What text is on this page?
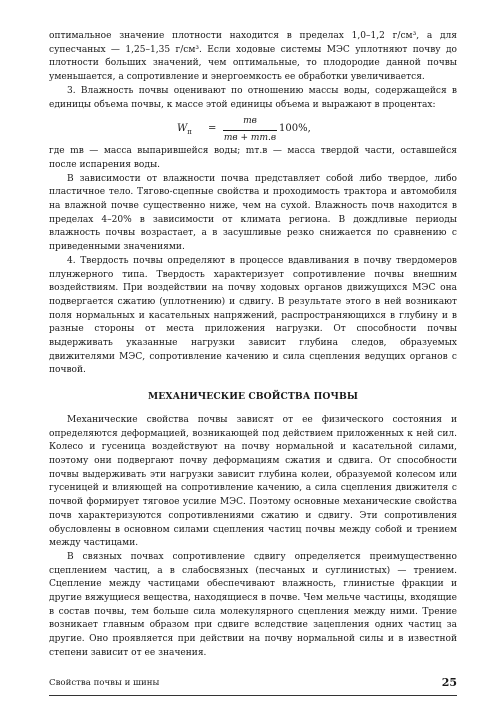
оптимальное значение плотности находится в пределах 1,0–1,2 г/см³, а для супесчаных — 1,25–1,35 г/см³. Если ходовые системы МЭС уплотняют почву до плотности больших значений, чем оптимальные, то плодородие данной почвы уменьшается, а сопротивление и энергоемкость ее обработки увеличивается.

3. Влажность почвы оценивают по отношению массы воды, содержащейся в единицы объема почвы, к массе этой единицы объема и выражают в процентах:

$W_п$ =
mв
mв + mт.в
100%,

где mв — масса выпарившейся воды; mт.в — масса твердой части, оставшейся после испарения воды.

В зависимости от влажности почва представляет собой либо твердое, либо пластичное тело. Тягово-сцепные свойства и проходимость трактора и автомобиля на влажной почве существенно ниже, чем на сухой. Влажность почв находится в пределах 4–20% в зависимости от климата региона. В дождливые периоды влажность почвы возрастает, а в засушливые резко снижается по сравнению с приведенными значениями.

4. Твердость почвы определяют в процессе вдавливания в почву твердомеров плунжерного типа. Твердость характеризует сопротивление почвы внешним воздействиям. При воздействии на почву ходовых органов движущихся МЭС она подвергается сжатию (уплотнению) и сдвигу. В результате этого в ней возникают поля нормальных и касательных напряжений, распространяющихся в глубину и в разные стороны от места приложения нагрузки. От способности почвы выдерживать указанные нагрузки зависит глубина следов, образуемых движителями МЭС, сопротивление качению и сила сцепления ведущих органов с почвой.

МЕХАНИЧЕСКИЕ СВОЙСТВА ПОЧВЫ

Механические свойства почвы зависят от ее физического состояния и определяются деформацией, возникающей под действием приложенных к ней сил. Колесо и гусеница воздействуют на почву нормальной и касательной силами, поэтому они подвергают почву деформациям сжатия и сдвига. От способности почвы выдерживать эти нагрузки зависит глубина колеи, образуемой колесом или гусеницей и влияющей на сопротивление качению, а сила сцепления движителя с почвой формирует тяговое усилие МЭС. Поэтому основные механические свойства почв характеризуются сопротивлениями сжатию и сдвигу. Эти сопротивления обусловлены в основном силами сцепления частиц почвы между собой и трением между частицами.

В связных почвах сопротивление сдвигу определяется преимущественно сцеплением частиц, а в слабосвязных (песчаных и суглинистых) — трением. Сцепление между частицами обеспечивают влажность, глинистые фракции и другие вяжущиеся вещества, находящиеся в почве. Чем мельче частицы, входящие в состав почвы, тем больше сила молекулярного сцепления между ними. Трение возникает главным образом при сдвиге вследствие зацепления одних частиц за другие. Оно проявляется при действии на почву нормальной силы и в известной степени зависит от ее значения.

Свойства почвы и шины	25
